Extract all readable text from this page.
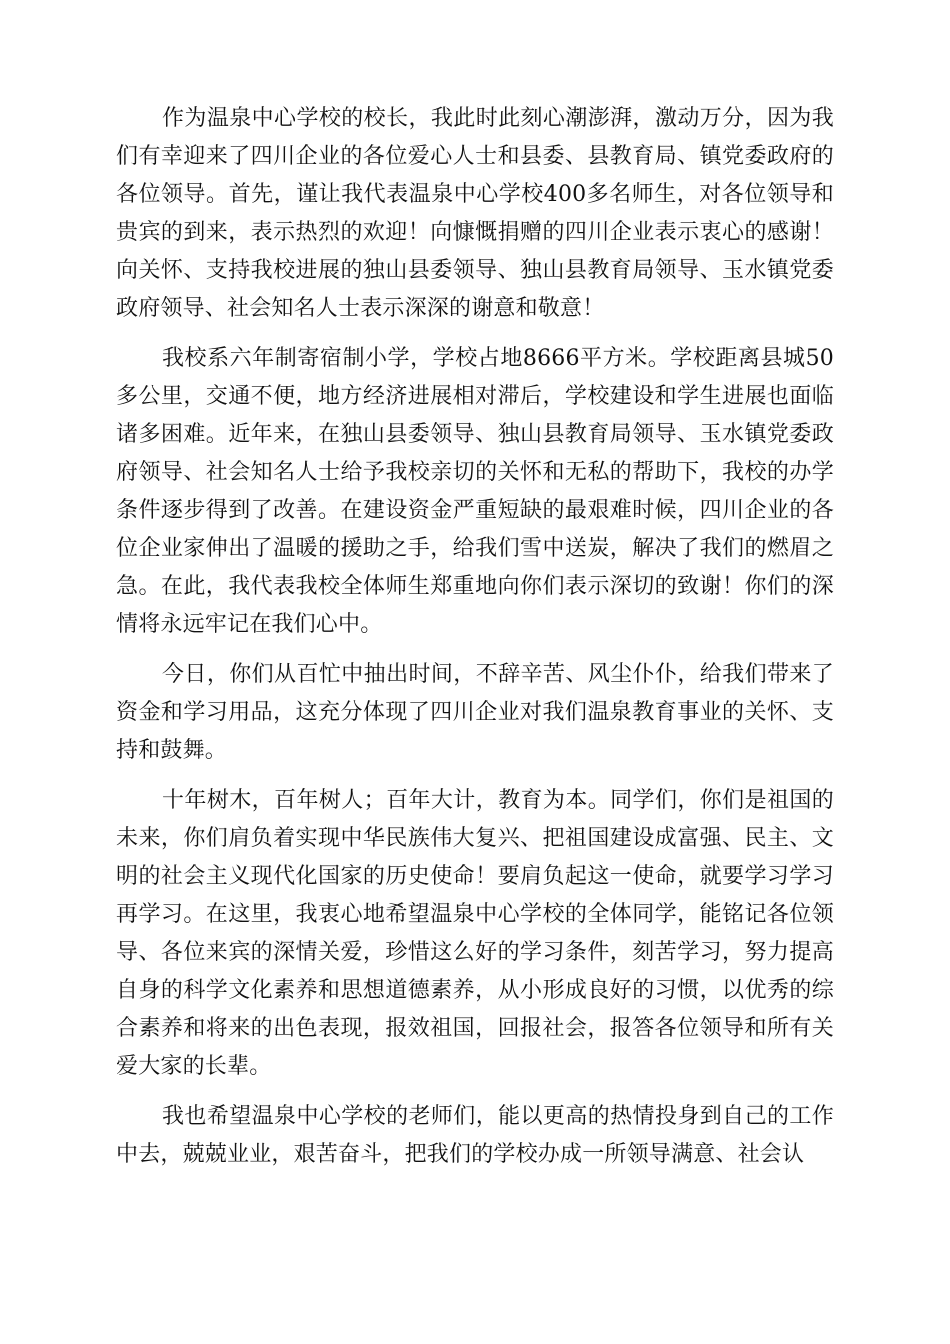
作为温泉中心学校的校长，我此时此刻心潮澎湃，激动万分，因为我们有幸迎来了四川企业的各位爱心人士和县委、县教育局、镇党委政府的各位领导。首先，谨让我代表温泉中心学校400多名师生，对各位领导和贵宾的到来，表示热烈的欢迎！向慷慨捐赠的四川企业表示衷心的感谢！向关怀、支持我校进展的独山县委领导、独山县教育局领导、玉水镇党委政府领导、社会知名人士表示深深的谢意和敬意！

我校系六年制寄宿制小学，学校占地8666平方米。学校距离县城50多公里，交通不便，地方经济进展相对滞后，学校建设和学生进展也面临诸多困难。近年来，在独山县委领导、独山县教育局领导、玉水镇党委政府领导、社会知名人士给予我校亲切的关怀和无私的帮助下，我校的办学条件逐步得到了改善。在建设资金严重短缺的最艰难时候，四川企业的各位企业家伸出了温暖的援助之手，给我们雪中送炭，解决了我们的燃眉之急。在此，我代表我校全体师生郑重地向你们表示深切的致谢！你们的深情将永远牢记在我们心中。

今日，你们从百忙中抽出时间，不辞辛苦、风尘仆仆，给我们带来了资金和学习用品，这充分体现了四川企业对我们温泉教育事业的关怀、支持和鼓舞。

十年树木，百年树人；百年大计，教育为本。同学们，你们是祖国的未来，你们肩负着实现中华民族伟大复兴、把祖国建设成富强、民主、文明的社会主义现代化国家的历史使命！要肩负起这一使命，就要学习学习再学习。在这里，我衷心地希望温泉中心学校的全体同学，能铭记各位领导、各位来宾的深情关爱，珍惜这么好的学习条件，刻苦学习，努力提高自身的科学文化素养和思想道德素养，从小形成良好的习惯，以优秀的综合素养和将来的出色表现，报效祖国，回报社会，报答各位领导和所有关爱大家的长辈。

我也希望温泉中心学校的老师们，能以更高的热情投身到自己的工作中去，兢兢业业，艰苦奋斗，把我们的学校办成一所领导满意、社会认
